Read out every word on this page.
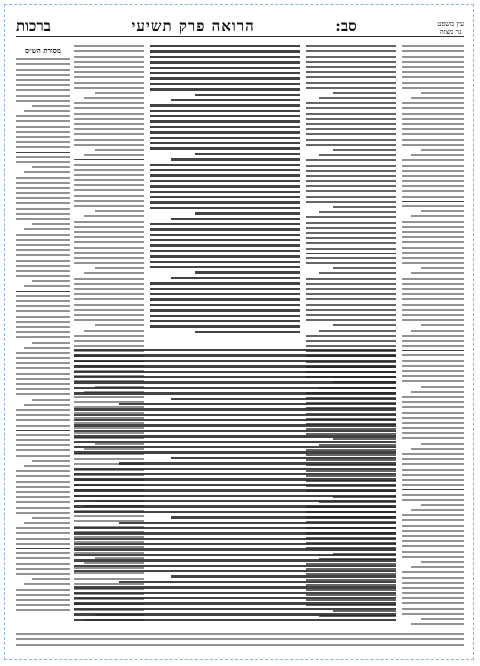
עין משפט
נר מצוה
סב:
הרואה פרק תשיעי
ברכות
מסורת הש״ס
